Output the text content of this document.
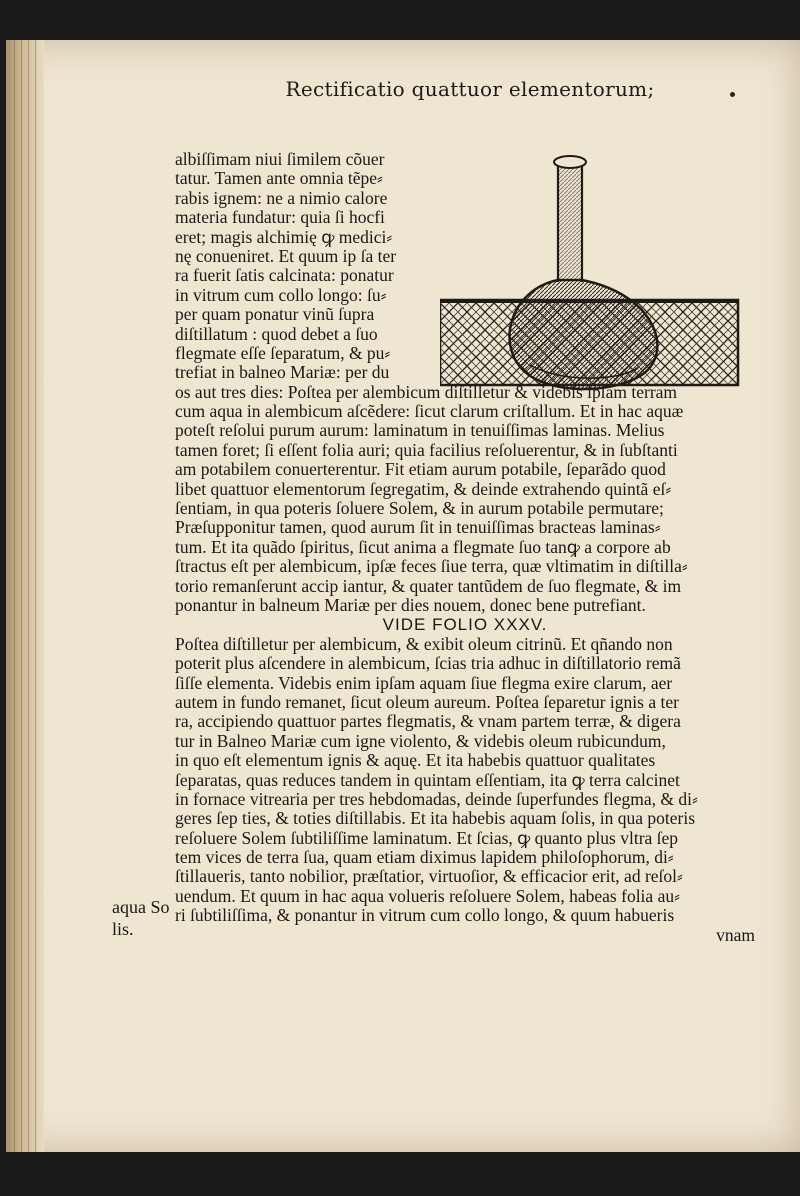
Rectificatio quattuor elementorum;
albiſſimam niui ſimilem cõuer
tatur. Tamen ante omnia tẽpe⸗
rabis ignem: ne a nimio calore
materia fundatur: quia ſi hocfi
eret; magis alchimię ꝙ medici⸗
nę conueniret. Et quum ip ſa ter
ra fuerit ſatis calcinata: ponatur
in vitrum cum collo longo: ſu⸗
per quam ponatur vinũ ſupra
diſtillatum : quod debet a ſuo
flegmate eſſe ſeparatum, & pu⸗
trefiat in balneo Mariæ: per du
os aut tres dies: Poſtea per alembicum diſtilletur & videbis ipſam terram
cum aqua in alembicum aſcẽdere: ſicut clarum criſtallum. Et in hac aquæ
poteſt reſolui purum aurum: laminatum in tenuiſſimas laminas. Melius
tamen foret; ſi eſſent folia auri; quia facilius reſoluerentur, & in ſubſtanti
am potabilem conuerterentur. Fit etiam aurum potabile, ſeparãdo quod
libet quattuor elementorum ſegregatim, & deinde extrahendo quintã eſ⸗
ſentiam, in qua poteris ſoluere Solem, & in aurum potabile permutare;
Præſupponitur tamen, quod aurum ſit in tenuiſſimas bracteas laminas⸗
tum. Et ita quãdo ſpiritus, ſicut anima a flegmate ſuo tanꝙ a corpore ab
ſtractus eſt per alembicum, ipſæ feces ſiue terra, quæ vltimatim in diſtilla⸗
torio remanſerunt accip iantur, & quater tantũdem de ſuo flegmate, & im
ponantur in balneum Mariæ per dies nouem, donec bene putrefiant.
VIDE FOLIO XXXV.
Poſtea diſtilletur per alembicum, & exibit oleum citrinũ. Et qñando non
poterit plus aſcendere in alembicum, ſcias tria adhuc in diſtillatorio remã
ſiſſe elementa. Videbis enim ipſam aquam ſiue flegma exire clarum, aer
autem in fundo remanet, ſicut oleum aureum. Poſtea ſeparetur ignis a ter
ra, accipiendo quattuor partes flegmatis, & vnam partem terræ, & digera
tur in Balneo Mariæ cum igne violento, & videbis oleum rubicundum,
in quo eſt elementum ignis & aquę. Et ita habebis quattuor qualitates
ſeparatas, quas reduces tandem in quintam eſſentiam, ita ꝙ terra calcinet
in fornace vitrearia per tres hebdomadas, deinde ſuperfundes flegma, & di⸗
geres ſep ties, & toties diſtillabis. Et ita habebis aquam ſolis, in qua poteris
reſoluere Solem ſubtiliſſime laminatum. Et ſcias, ꝙ quanto plus vltra ſep
tem vices de terra ſua, quam etiam diximus lapidem philoſophorum, di⸗
ſtillaueris, tanto nobilior, præſtatior, virtuoſior, & efficacior erit, ad reſol⸗
uendum. Et quum in hac aqua volueris reſoluere Solem, habeas folia au⸗
ri ſubtiliſſima, & ponantur in vitrum cum collo longo, & quum habueris
vnam
aqua So
lis.
